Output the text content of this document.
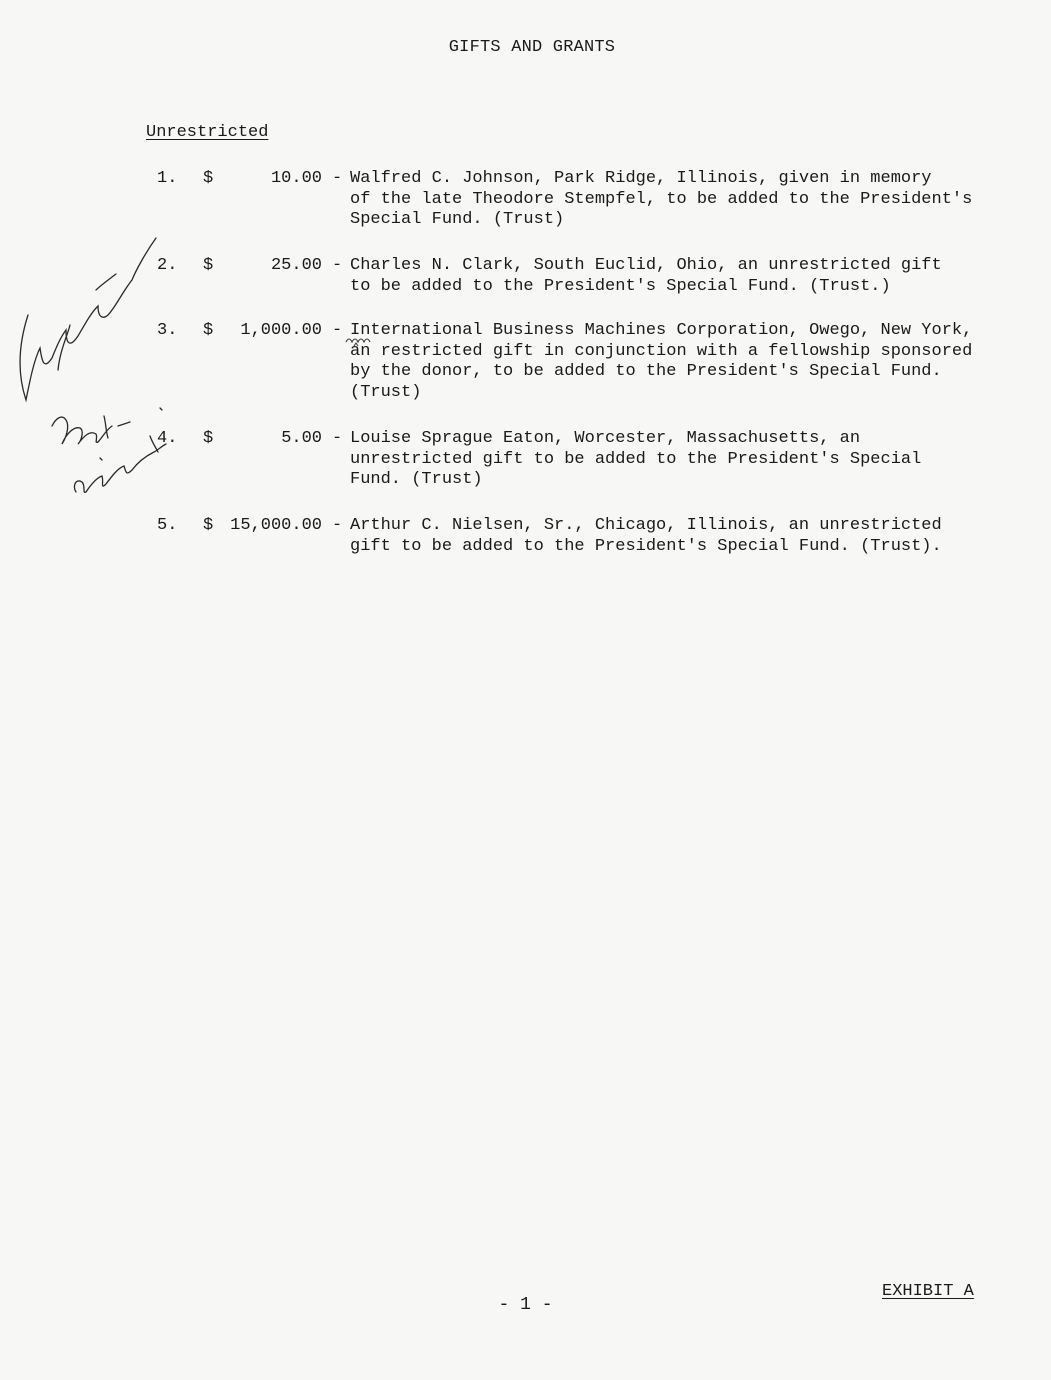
GIFTS AND GRANTS
Unrestricted
1. $	10.00 - Walfred C. Johnson, Park Ridge, Illinois, given in memory
of the late Theodore Stempfel, to be added to the President's
Special Fund. (Trust)
2. $	25.00 - Charles N. Clark, South Euclid, Ohio, an unrestricted gift
to be added to the President's Special Fund. (Trust.)
3. $	1,000.00 - International Business Machines Corporation, Owego, New York,
an restricted gift in conjunction with a fellowship sponsored
by the donor, to be added to the President's Special Fund.
(Trust)
4. $	5.00 - Louise Sprague Eaton, Worcester, Massachusetts, an
unrestricted gift to be added to the President's Special
Fund. (Trust)
5. $ 15,000.00 - Arthur C. Nielsen, Sr., Chicago, Illinois, an unrestricted
gift to be added to the President's Special Fund. (Trust).
- 1 -
EXHIBIT A
